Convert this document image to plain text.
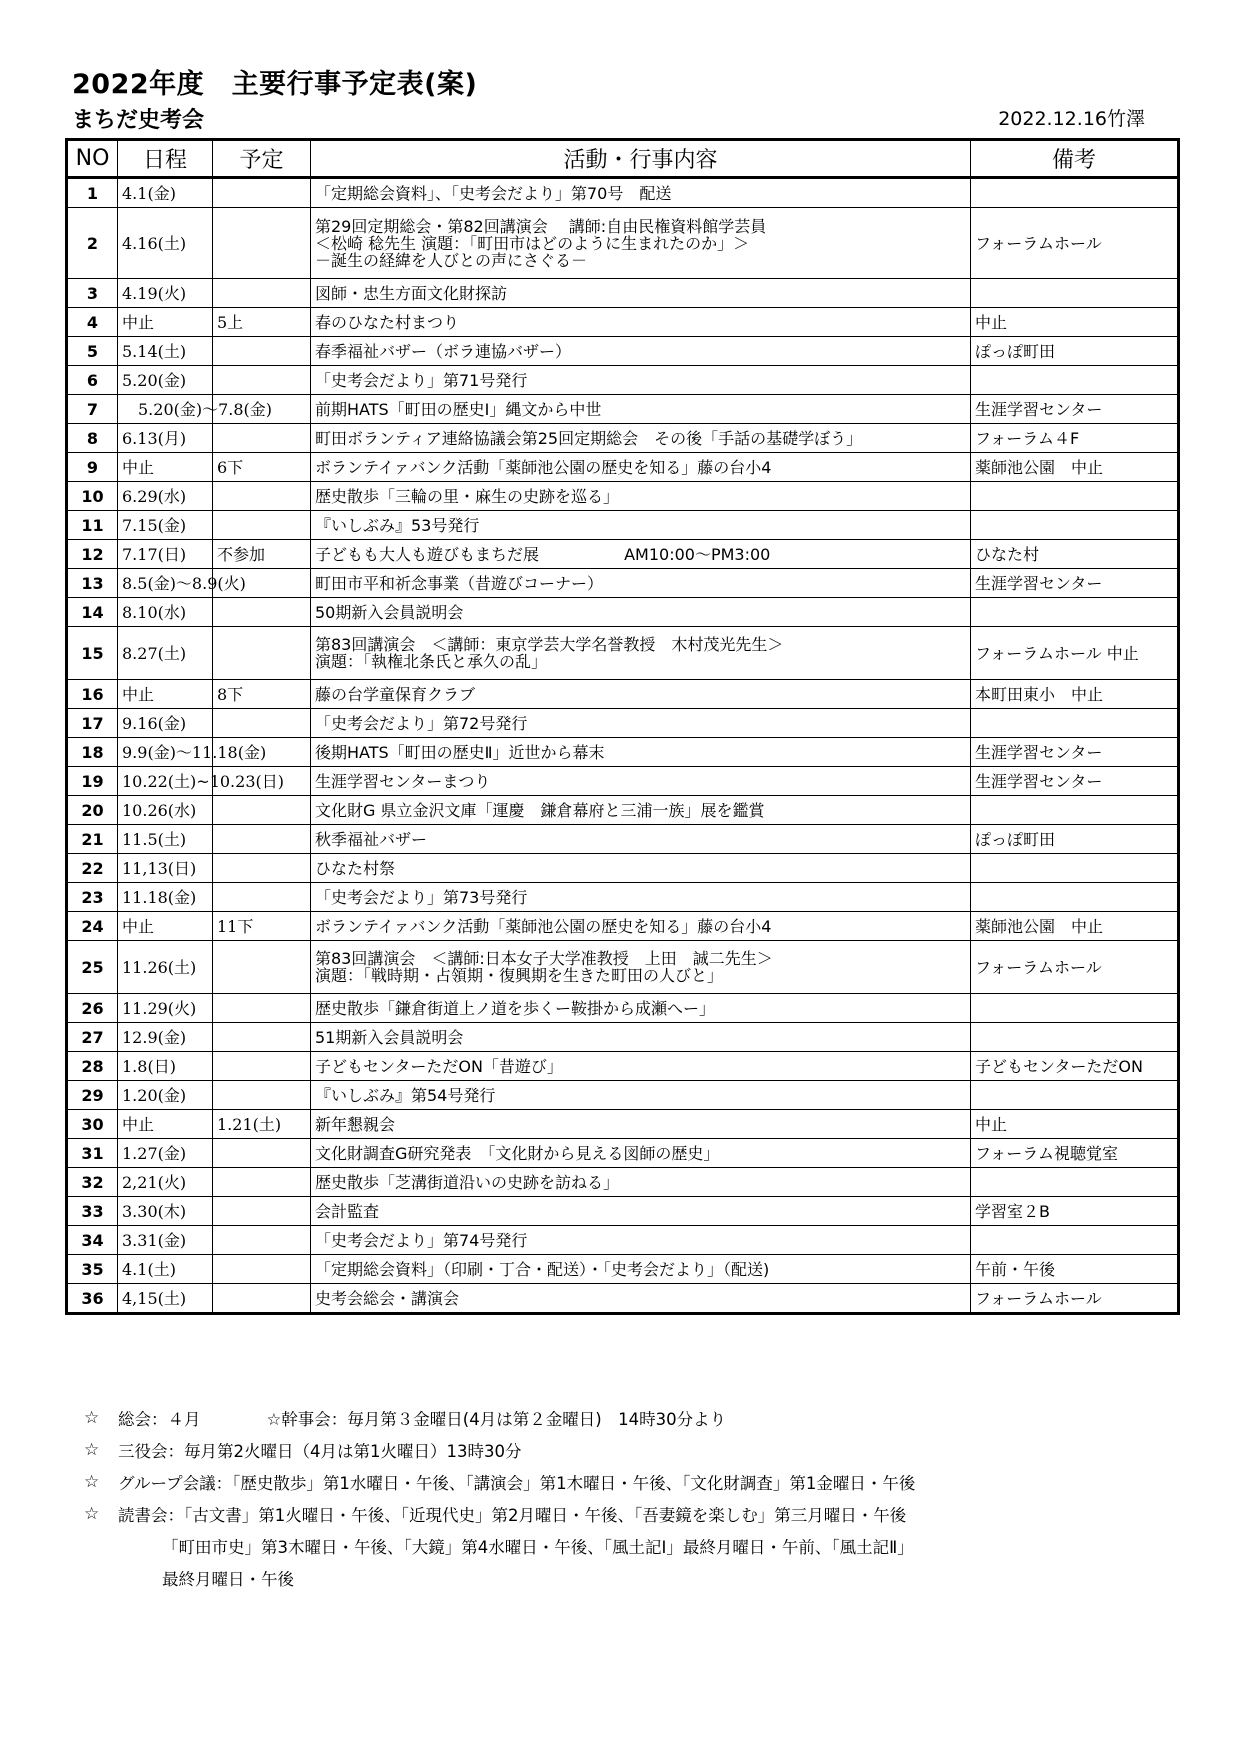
2022年度　主要行事予定表(案)
まちだ史考会	2022.12.16竹澤
NO	日程	予定	活動・行事内容	備考
1	4.1(金)		「定期総会資料」、「史考会だより」第70号　配送	
2	4.16(土)		第29回定期総会・第82回講演会　 講師:自由民権資料館学芸員
＜松崎 稔先生 演題：「町田市はどのように生まれたのか」＞
－誕生の経緯を人びとの声にさぐる－	フォーラムホール
3	4.19(火)		図師・忠生方面文化財探訪	
4	中止	5上	春のひなた村まつり	中止
5	5.14(土)		春季福祉バザー（ボラ連協バザー）	ぽっぽ町田
6	5.20(金)		「史考会だより」第71号発行	
7	　5.20(金)～7.8(金)		前期HATS「町田の歴史Ⅰ」縄文から中世	生涯学習センター
8	6.13(月)		町田ボランティア連絡協議会第25回定期総会　その後「手話の基礎学ぼう」	フォーラム４F
9	中止	6下	ボランテイァバンク活動「薬師池公園の歴史を知る」藤の台小4	薬師池公園　中止
10	6.29(水)		歴史散歩「三輪の里・麻生の史跡を巡る」	
11	7.15(金)		『いしぶみ』53号発行	
12	7.17(日)	不参加	子どもも大人も遊びもまちだ展　　　　　 AM10:00～PM3:00	ひなた村
13	8.5(金)～8.9(火)		町田市平和祈念事業（昔遊びコーナー）	生涯学習センター
14	8.10(水)		50期新入会員説明会	
15	8.27(土)		第83回講演会　＜講師：東京学芸大学名誉教授　木村茂光先生＞
演題：「執権北条氏と承久の乱」	フォーラムホール 中止
16	中止	8下	藤の台学童保育クラブ	本町田東小　中止
17	9.16(金)		「史考会だより」第72号発行	
18	9.9(金)～11.18(金)		後期HATS「町田の歴史Ⅱ」近世から幕末	生涯学習センター
19	10.22(土)~10.23(日)		生涯学習センターまつり	生涯学習センター
20	10.26(水)		文化財G 県立金沢文庫「運慶　鎌倉幕府と三浦一族」展を鑑賞	
21	11.5(土)		秋季福祉バザー	ぽっぽ町田
22	11,13(日)		ひなた村祭	
23	11.18(金)		「史考会だより」第73号発行	
24	中止	11下	ボランテイァバンク活動「薬師池公園の歴史を知る」藤の台小4	薬師池公園　中止
25	11.26(土)		第83回講演会　＜講師:日本女子大学准教授　上田　誠二先生＞
演題：「戦時期・占領期・復興期を生きた町田の人びと」	フォーラムホール
26	11.29(火)		歴史散歩「鎌倉街道上ノ道を歩くー鞍掛から成瀬へー」	
27	12.9(金)		51期新入会員説明会	
28	1.8(日)		子どもセンターただON「昔遊び」	子どもセンターただON
29	1.20(金)		『いしぶみ』第54号発行	
30	中止	1.21(土)	新年懇親会	中止
31	1.27(金)		文化財調査G研究発表　「文化財から見える図師の歴史」	フォーラム視聴覚室
32	2,21(火)		歴史散歩「芝溝街道沿いの史跡を訪ねる」	
33	3.30(木)		会計監査	学習室２B
34	3.31(金)		「史考会だより」第74号発行	
35	4.1(土)		「定期総会資料」（印刷・丁合・配送）・「史考会だより」（配送)	午前・午後
36	4,15(土)		史考会総会・講演会	フォーラムホール
☆	総会：４月　　　　☆幹事会：毎月第３金曜日(4月は第２金曜日)　14時30分より
☆	三役会：毎月第2火曜日（4月は第1火曜日）13時30分
☆	グループ会議：「歴史散歩」第1水曜日・午後、「講演会」第1木曜日・午後、「文化財調査」第1金曜日・午後
☆	読書会：「古文書」第1火曜日・午後、「近現代史」第2月曜日・午後、「吾妻鏡を楽しむ」第三月曜日・午後
「町田市史」第3木曜日・午後、「大鏡」第4水曜日・午後、「風土記Ⅰ」最終月曜日・午前、「風土記Ⅱ」
最終月曜日・午後
